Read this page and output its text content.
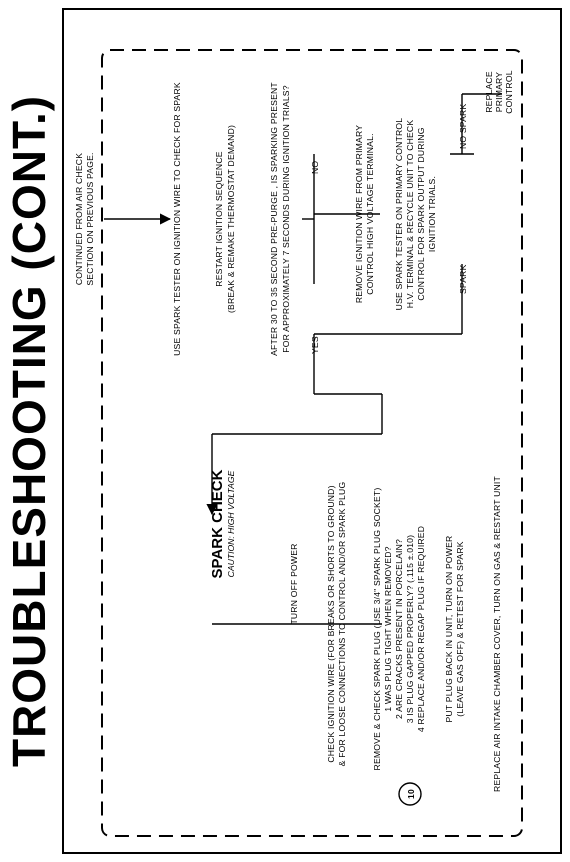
TROUBLESHOOTING (CONT.) CONTINUED FROM AIR CHECKSECTION ON PREVIOUS PAGE.	USE SPARK TESTER ON IGNITION WIRE TO CHECK FOR SPARK	RESTART IGNITION SEQUENCE (BREAK & REMAKE THERMOSTAT DEMAND)	AFTER 30 TO 35 SECOND PRE-PURGE , IS SPARKING PRESENT FOR APPROXIMATELY 7 SECONDS DURING IGNITION TRIALS? NO	REMOVE IGNITION WIRE FROM PRIMARYCONTROL HIGH VOLTAGE TERMINAL. USE SPARK TESTER ON PRIMARY CONTROLH.V. TERMINAL & RECYCLE UNIT TO CHECKCONTROL FOR SPARK OUTPUT DURINGIGNITION TRIALS.
NO SPARK
SPARK
REPLACEPRIMARYCONTROL
YES
SPARK CHECK CAUTION: HIGH VOLTAGE
TURN OFF POWER	CHECK IGNITION WIRE (FOR BREAKS OR SHORTS TO GROUND)& FOR LOOSE CONNECTIONS TO CONTROL AND/OR SPARK PLUG	REMOVE & CHECK SPARK PLUG (USE 3/4" SPARK PLUG SOCKET)1 WAS PLUG TIGHT WHEN REMOVED?2 ARE CRACKS PRESENT IN PORCELAIN?3 IS PLUG GAPPED PROPERLY? (.115 ±.010)4 REPLACE AND/OR REGAP PLUG IF REQUIRED
10
PUT PLUG BACK IN UNIT, TURN ON POWER(LEAVE GAS OFF) & RETEST FOR SPARK	REPLACE AIR INTAKE CHAMBER COVER, TURN ON GAS & RESTART UNIT
